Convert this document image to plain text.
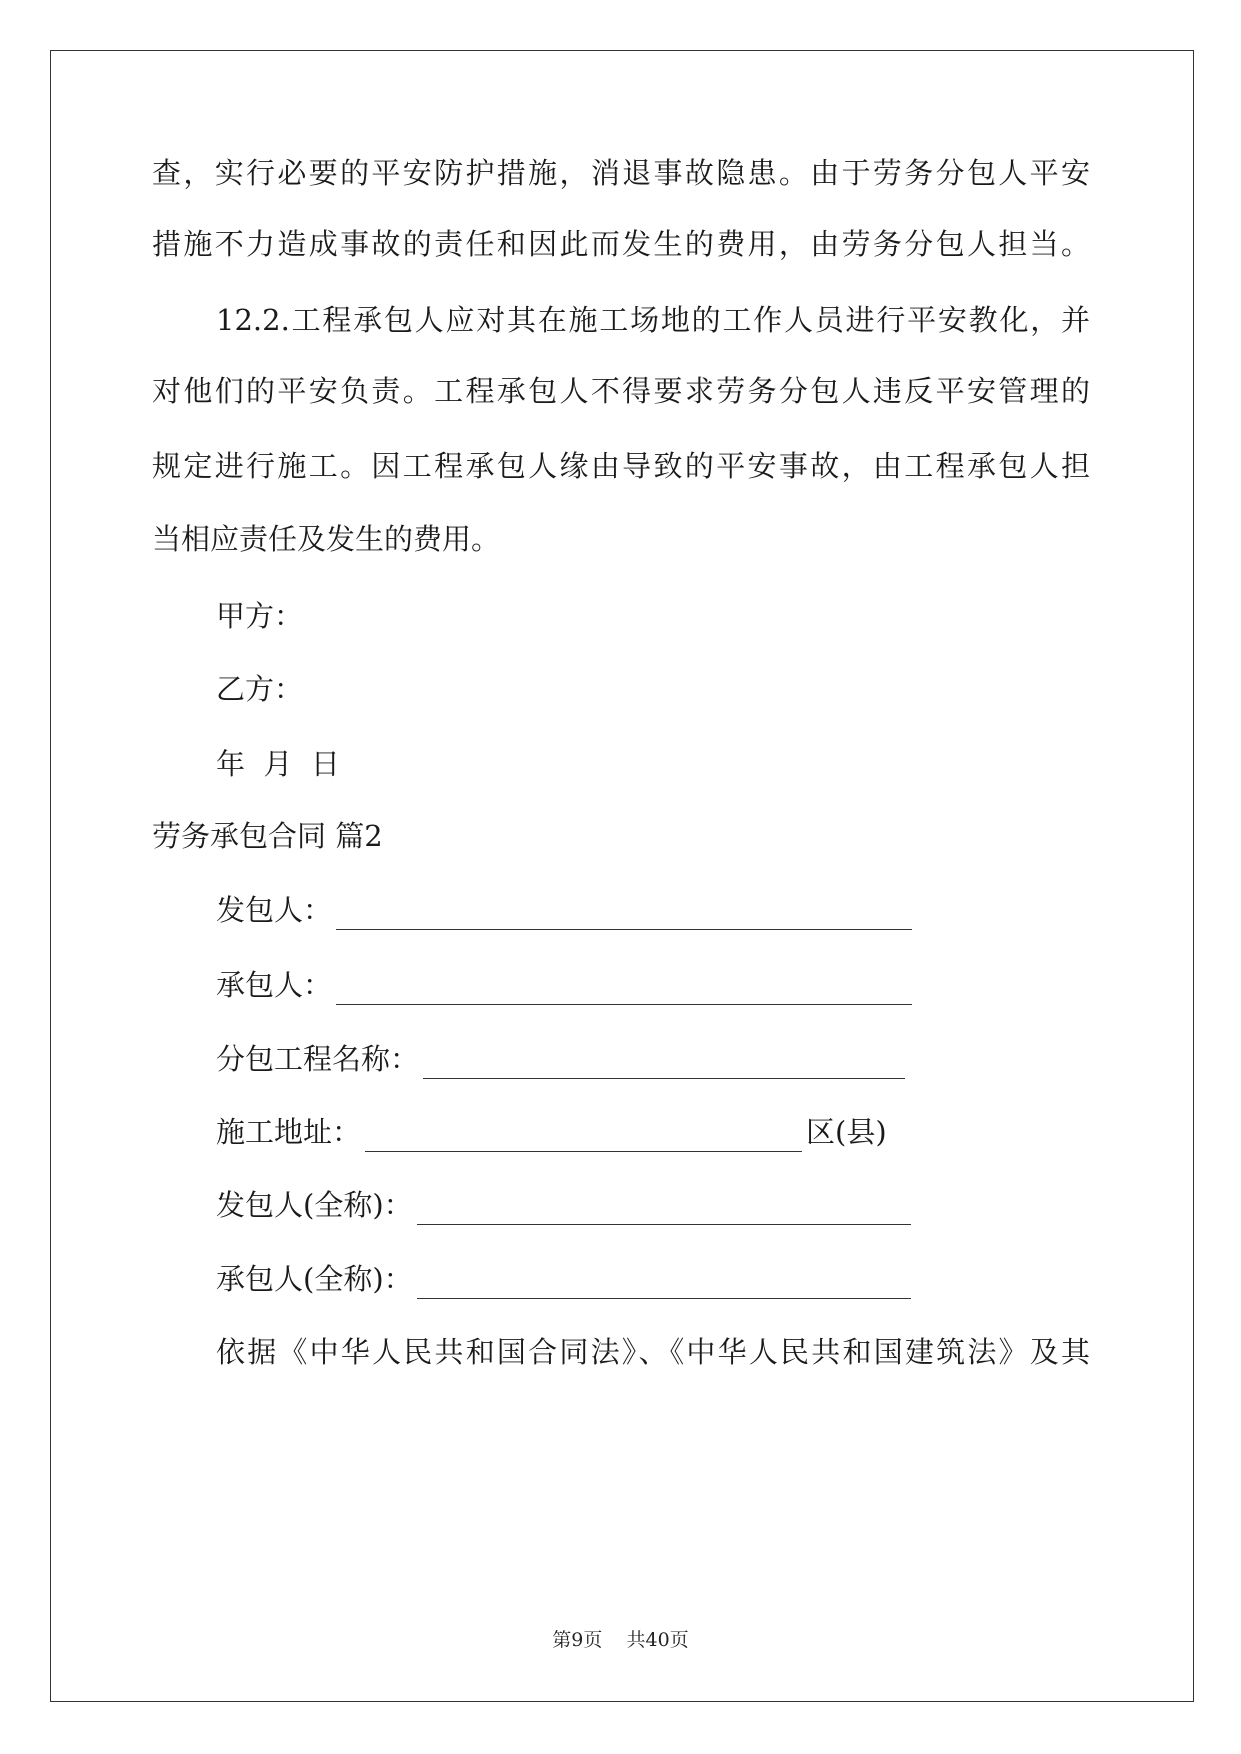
查，实行必要的平安防护措施，消退事故隐患。由于劳务分包人平安
措施不力造成事故的责任和因此而发生的费用，由劳务分包人担当。
12.2.工程承包人应对其在施工场地的工作人员进行平安教化，并
对他们的平安负责。工程承包人不得要求劳务分包人违反平安管理的
规定进行施工。因工程承包人缘由导致的平安事故，由工程承包人担
当相应责任及发生的费用。
甲方：
乙方：
年  月  日
劳务承包合同 篇2
发包人：
承包人：
分包工程名称：
施工地址：	区(县)
发包人(全称)：
承包人(全称)：
依据《中华人民共和国合同法》、《中华人民共和国建筑法》及其
第9页    共40页
